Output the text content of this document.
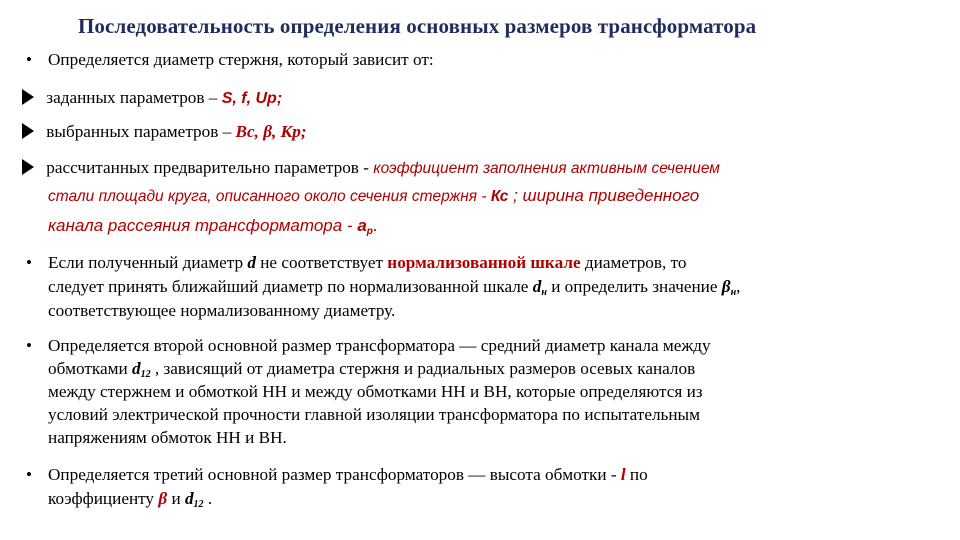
Последовательность определения основных размеров трансформатора
• Определяется диаметр стержня, который зависит от:
заданных параметров – S, f, Up;
выбранных параметров – Вс, β, Кр;
рассчитанных предварительно параметров - коэффициент заполнения активным сечением
стали площади круга, описанного около сечения стержня - Кс ; ширина приведенного
канала рассеяния трансформатора - $а_р$.
• Если полученный диаметр d не соответствует нормализованной шкале диаметров, то
следует принять ближайший диаметр по нормализованной шкале $d_н$ и определить значение $\beta_н$,
соответствующее нормализованному диаметру.
• Определяется второй основной размер трансформатора — средний диаметр канала между
обмотками $d_{12}$ , зависящий от диаметра стержня и радиальных размеров осевых каналов
между стержнем и обмоткой НН и между обмотками НН и ВН, которые определяются из
условий электрической прочности главной изоляции трансформатора по испытательным
напряжениям обмоток НН и ВН.
• Определяется третий основной размер трансформаторов — высота обмотки - l по
коэффициенту β и $d_{12}$ .
